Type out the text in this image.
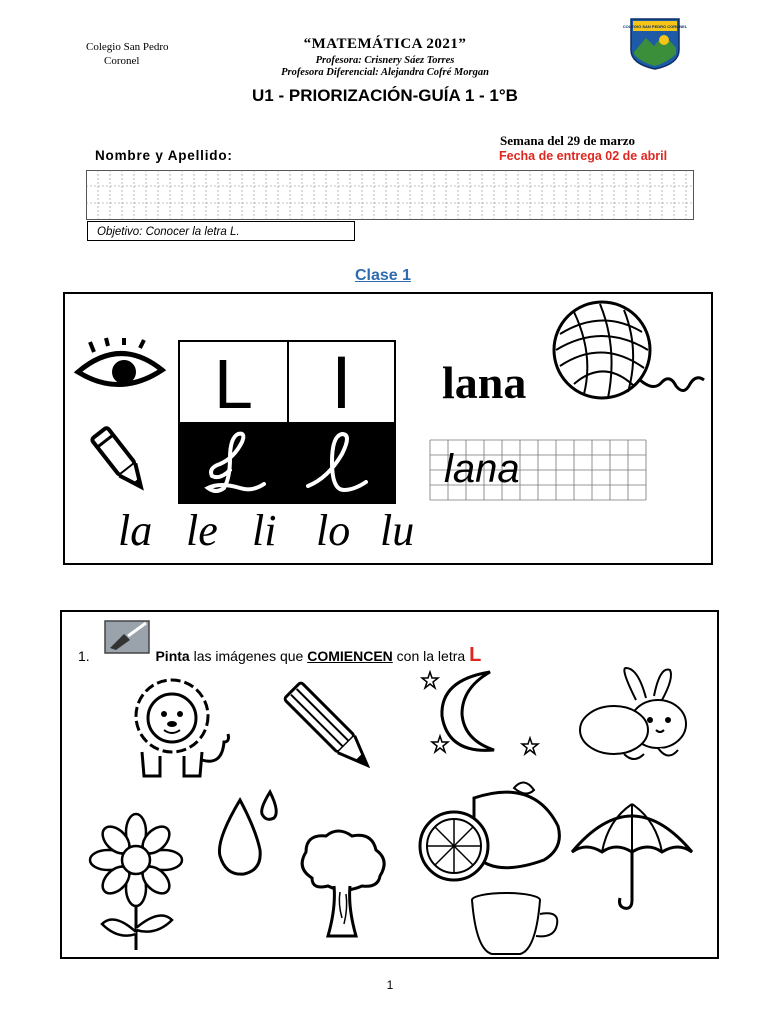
Colegio San Pedro
Coronel
“MATEMÁTICA 2021”
Profesora: Crisnery Sáez Torres
Profesora Diferencial: Alejandra Cofré Morgan
COLEGIO SAN PEDRO CORONEL
U1 - PRIORIZACIÓN-GUÍA 1 - 1°B
Semana del 29 de marzo
Fecha de entrega 02 de abril
Nombre y Apellido:
Objetivo: Conocer la letra L.
Clase 1
L	I	lana
lana
la le li lo lu
1.	Pinta las imágenes que COMIENCEN con la letra L
1
